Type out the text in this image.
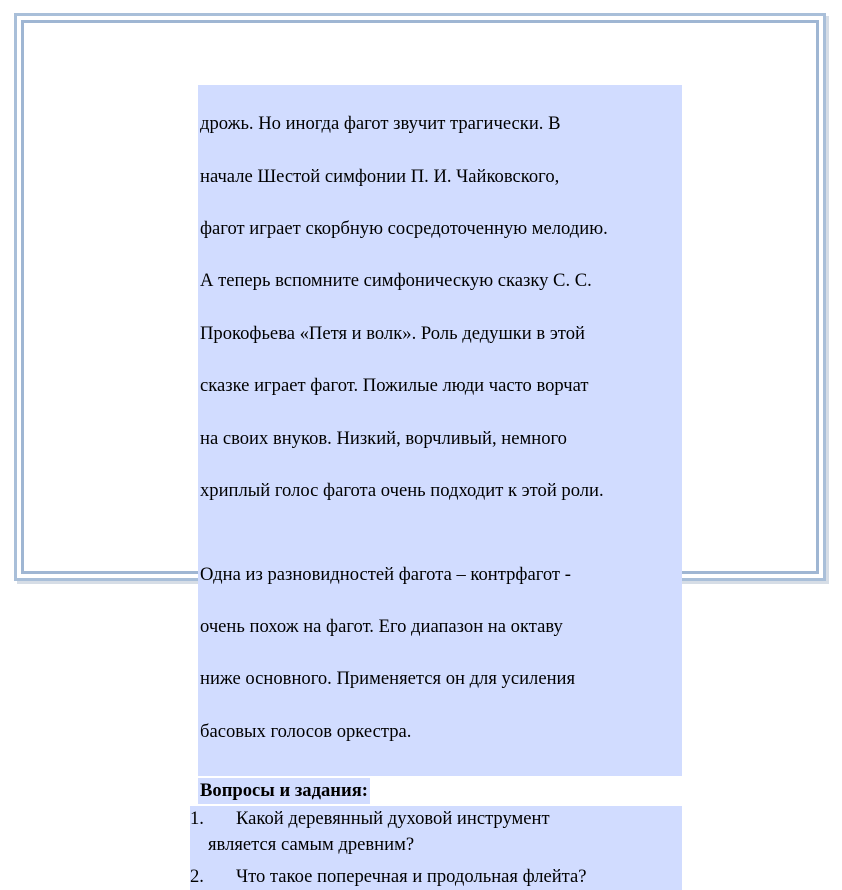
дрожь. Но иногда фагот звучит трагически. В

начале Шестой симфонии П. И. Чайковского,

фагот играет скорбную сосредоточенную мелодию.

А теперь вспомните симфоническую сказку С. С.

Прокофьева «Петя и волк». Роль дедушки в этой

сказке играет фагот. Пожилые люди часто ворчат

на своих внуков. Низкий, ворчливый, немного

хриплый голос фагота очень подходит к этой роли.

Одна из разновидностей фагота – контрфагот -

очень похож на фагот. Его диапазон на октаву

ниже основного. Применяется он для усиления

басовых голосов оркестра.

Вопросы и задания:
1.	Какой деревянный духовой инструмент
является самым древним?
2.	Что такое поперечная и продольная флейта?
